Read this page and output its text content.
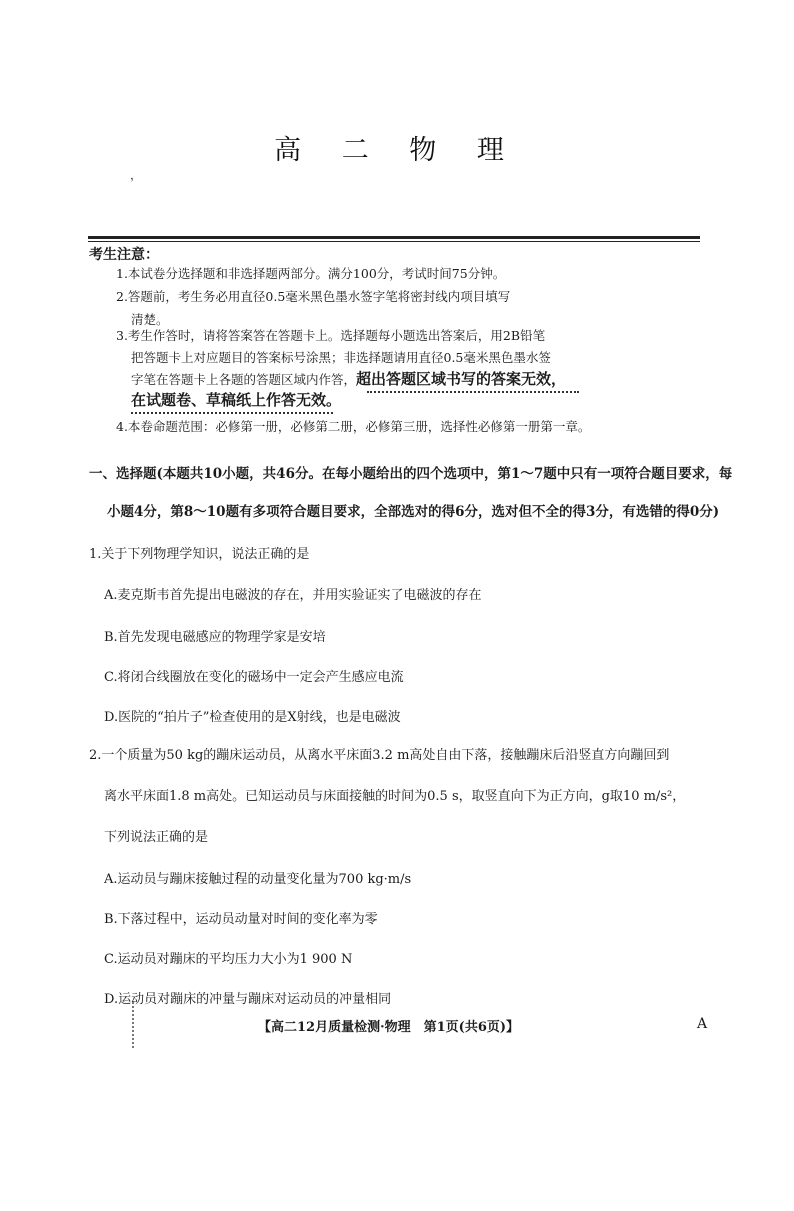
高 二 物 理
，
考生注意：
1.本试卷分选择题和非选择题两部分。满分100分，考试时间75分钟。
2.答题前，考生务必用直径0.5毫米黑色墨水签字笔将密封线内项目填写
清楚。
3.考生作答时，请将答案答在答题卡上。选择题每小题选出答案后，用2B铅笔
把答题卡上对应题目的答案标号涂黑；非选择题请用直径0.5毫米黑色墨水签
字笔在答题卡上各题的答题区域内作答，超出答题区域书写的答案无效，
在试题卷、草稿纸上作答无效。
4.本卷命题范围：必修第一册，必修第二册，必修第三册，选择性必修第一册第一章。
一、选择题(本题共10小题，共46分。在每小题给出的四个选项中，第1～7题中只有一项符合题目要求，每
小题4分，第8～10题有多项符合题目要求，全部选对的得6分，选对但不全的得3分，有选错的得0分)
1.关于下列物理学知识，说法正确的是
A.麦克斯韦首先提出电磁波的存在，并用实验证实了电磁波的存在
B.首先发现电磁感应的物理学家是安培
C.将闭合线圈放在变化的磁场中一定会产生感应电流
D.医院的“拍片子”检查使用的是X射线，也是电磁波
2.一个质量为50 kg的蹦床运动员，从离水平床面3.2 m高处自由下落，接触蹦床后沿竖直方向蹦回到
离水平床面1.8 m高处。已知运动员与床面接触的时间为0.5 s，取竖直向下为正方向，g取10 m/s²，
下列说法正确的是
A.运动员与蹦床接触过程的动量变化量为700 kg·m/s
B.下落过程中，运动员动量对时间的变化率为零
C.运动员对蹦床的平均压力大小为1 900 N
D.运动员对蹦床的冲量与蹦床对运动员的冲量相同
【高二12月质量检测·物理　第1页(共6页)】	A
